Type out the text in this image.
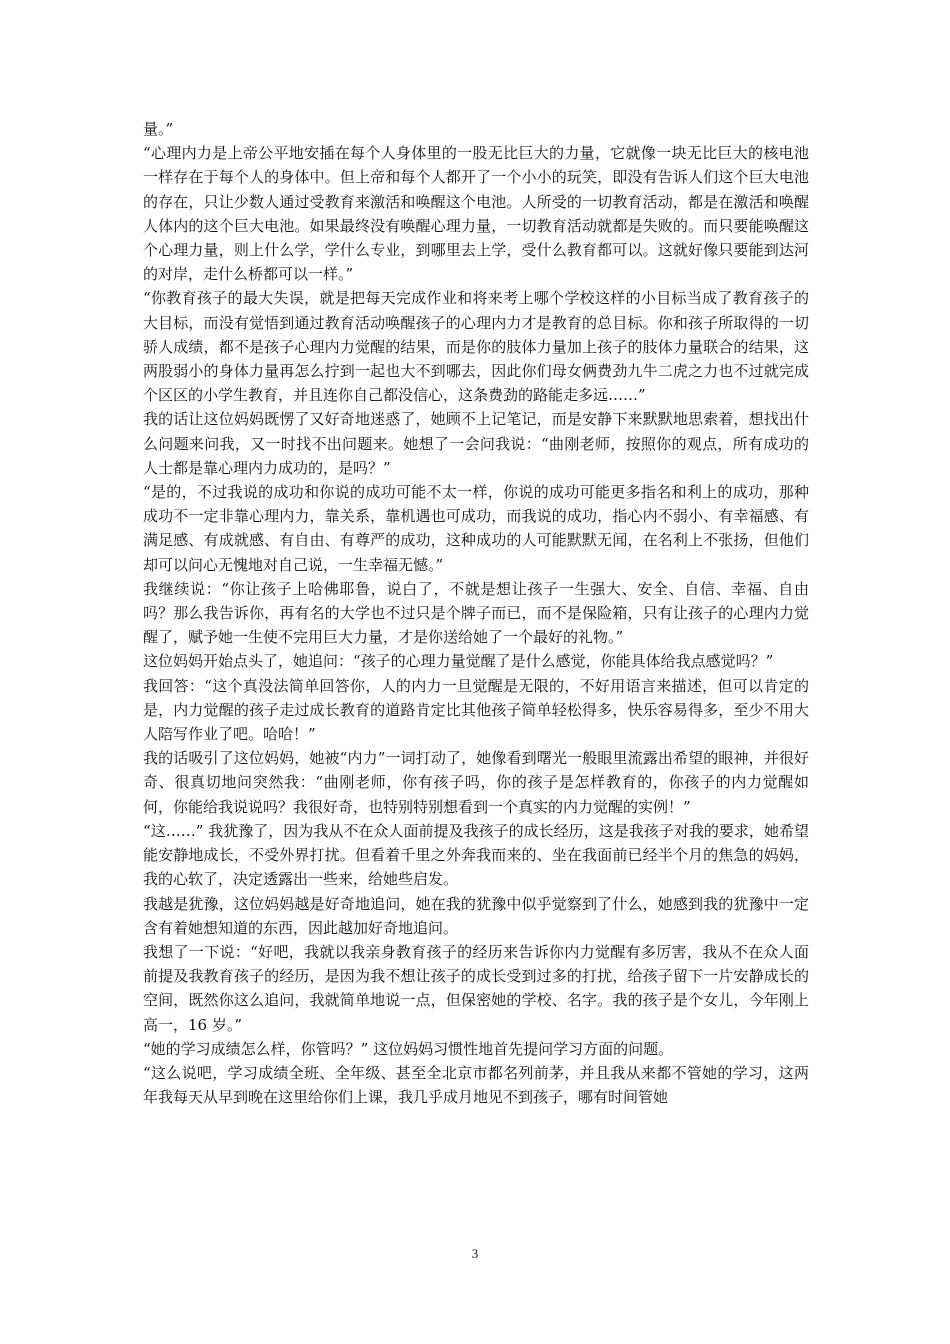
量。”

“心理内力是上帝公平地安插在每个人身体里的一股无比巨大的力量，它就像一块无比巨大的核电池一样存在于每个人的身体中。但上帝和每个人都开了一个小小的玩笑，即没有告诉人们这个巨大电池的存在，只让少数人通过受教育来激活和唤醒这个电池。人所受的一切教育活动，都是在激活和唤醒人体内的这个巨大电池。如果最终没有唤醒心理力量，一切教育活动就都是失败的。而只要能唤醒这个心理力量，则上什么学，学什么专业，到哪里去上学，受什么教育都可以。这就好像只要能到达河的对岸，走什么桥都可以一样。”

“你教育孩子的最大失误，就是把每天完成作业和将来考上哪个学校这样的小目标当成了教育孩子的大目标，而没有觉悟到通过教育活动唤醒孩子的心理内力才是教育的总目标。你和孩子所取得的一切骄人成绩，都不是孩子心理内力觉醒的结果，而是你的肢体力量加上孩子的肢体力量联合的结果，这两股弱小的身体力量再怎么拧到一起也大不到哪去，因此你们母女俩费劲九牛二虎之力也不过就完成个区区的小学生教育，并且连你自己都没信心，这条费劲的路能走多远……”

我的话让这位妈妈既愣了又好奇地迷惑了，她顾不上记笔记，而是安静下来默默地思索着，想找出什么问题来问我，又一时找不出问题来。她想了一会问我说：“曲刚老师，按照你的观点，所有成功的人士都是靠心理内力成功的，是吗？”

“是的，不过我说的成功和你说的成功可能不太一样，你说的成功可能更多指名和利上的成功，那种成功不一定非靠心理内力，靠关系，靠机遇也可成功，而我说的成功，指心内不弱小、有幸福感、有满足感、有成就感、有自由、有尊严的成功，这种成功的人可能默默无闻，在名利上不张扬，但他们却可以问心无愧地对自己说，一生幸福无憾。”

我继续说：“你让孩子上哈佛耶鲁，说白了，不就是想让孩子一生强大、安全、自信、幸福、自由吗？那么我告诉你，再有名的大学也不过只是个牌子而已，而不是保险箱，只有让孩子的心理内力觉醒了，赋予她一生使不完用巨大力量，才是你送给她了一个最好的礼物。”

这位妈妈开始点头了，她追问：“孩子的心理力量觉醒了是什么感觉，你能具体给我点感觉吗？”

我回答：“这个真没法简单回答你，人的内力一旦觉醒是无限的，不好用语言来描述，但可以肯定的是，内力觉醒的孩子走过成长教育的道路肯定比其他孩子简单轻松得多，快乐容易得多，至少不用大人陪写作业了吧。哈哈！”

我的话吸引了这位妈妈，她被“内力”一词打动了，她像看到曙光一般眼里流露出希望的眼神，并很好奇、很真切地问突然我：“曲刚老师，你有孩子吗，你的孩子是怎样教育的，你孩子的内力觉醒如何，你能给我说说吗？我很好奇，也特别特别想看到一个真实的内力觉醒的实例！”

“这……” 我犹豫了，因为我从不在众人面前提及我孩子的成长经历，这是我孩子对我的要求，她希望能安静地成长，不受外界打扰。但看着千里之外奔我而来的、坐在我面前已经半个月的焦急的妈妈，我的心软了，决定透露出一些来，给她些启发。

我越是犹豫，这位妈妈越是好奇地追问，她在我的犹豫中似乎觉察到了什么，她感到我的犹豫中一定含有着她想知道的东西，因此越加好奇地追问。

我想了一下说：“好吧，我就以我亲身教育孩子的经历来告诉你内力觉醒有多厉害，我从不在众人面前提及我教育孩子的经历，是因为我不想让孩子的成长受到过多的打扰，给孩子留下一片安静成长的空间，既然你这么追问，我就简单地说一点，但保密她的学校、名字。我的孩子是个女儿，今年刚上高一，16 岁。”

“她的学习成绩怎么样，你管吗？” 这位妈妈习惯性地首先提问学习方面的问题。

“这么说吧，学习成绩全班、全年级、甚至全北京市都名列前茅，并且我从来都不管她的学习，这两年我每天从早到晚在这里给你们上课，我几乎成月地见不到孩子，哪有时间管她

3
